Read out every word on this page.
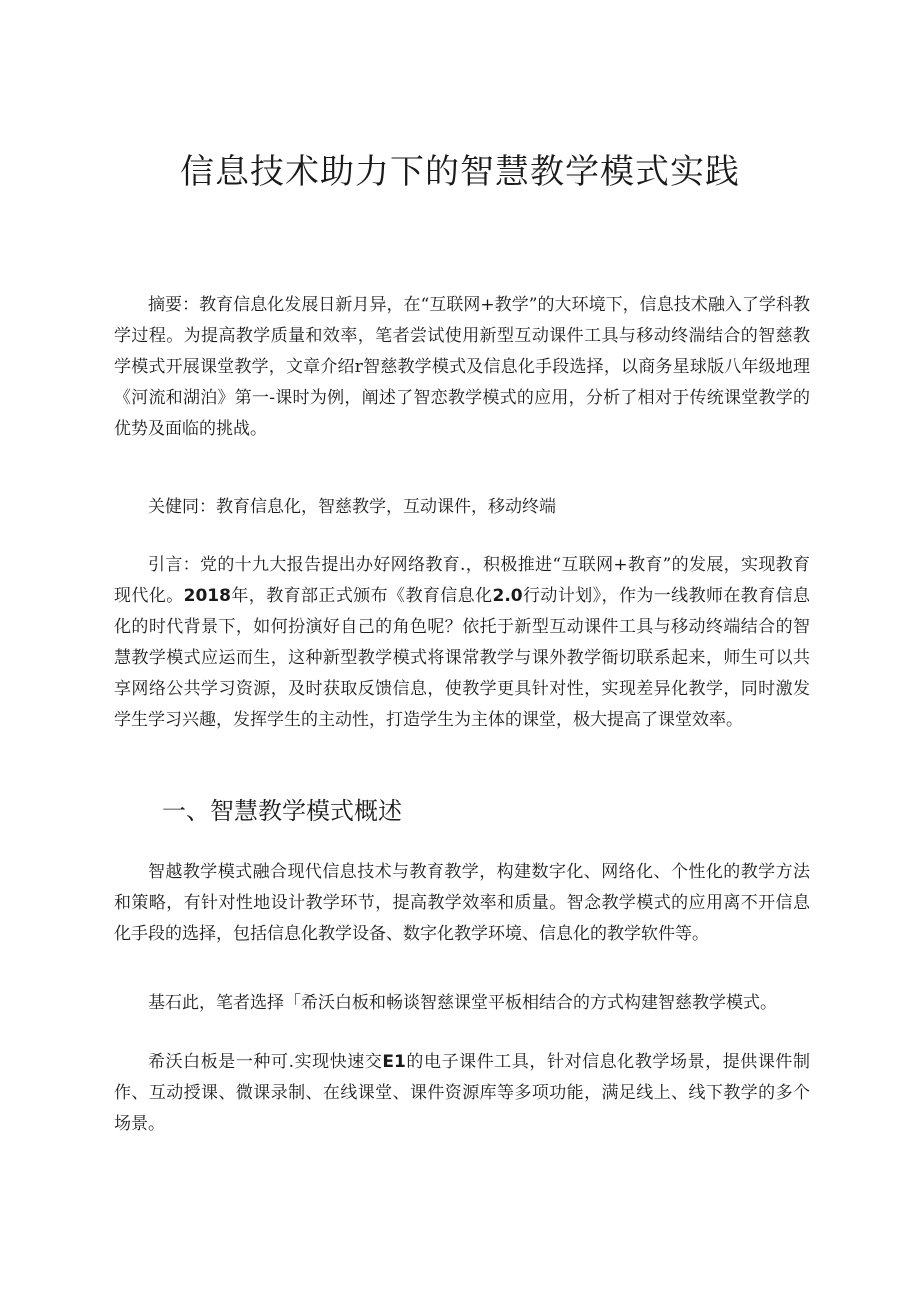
信息技术助力下的智慧教学模式实践

摘要：教育信息化发展日新月异，在“互联网+教学”的大环境下，信息技术融入了学科教学过程。为提高教学质量和效率，笔者尝试使用新型互动课件工具与移动终湍结合的智慈教学模式开展课堂教学，文章介绍r智慈教学模式及信息化手段选择，以商务星球版八年级地理《河流和湖泊》第一-课时为例，阐述了智恋教学模式的应用，分析了相对于传统课堂教学的优势及面临的挑战。

关健同：教育信息化，智慈教学，互动课件，移动终端

引言：党的十九大报告提出办好网络教育.，积极推进“互联网+教育”的发展，实现教育现代化。2018年，教育部正式颁布《教育信息化2.0行动计划》，作为一线教师在教育信息化的时代背景下，如何扮演好自己的角色呢？依托于新型互动课件工具与移动终端结合的智慧教学模式应运而生，这种新型教学模式将课常教学与课外教学衙切联系起来，师生可以共享网络公共学习资源，及时获取反馈信息，使教学更具针对性，实现差异化教学，同时激发学生学习兴趣，发挥学生的主动性，打造学生为主体的课堂，极大提高了课堂效率。

一、智慧教学模式概述

智越教学模式融合现代信息技术与教育教学，构建数字化、网络化、个性化的教学方法和策略，有针对性地设计教学环节，提高教学效率和质量。智念教学模式的应用离不开信息化手段的选择，包括信息化教学设备、数字化教学环境、信息化的教学软件等。

基石此，笔者选择「希沃白板和畅谈智慈课堂平板相结合的方式构建智慈教学模式。

希沃白板是一种可.实现快速交E1的电子课件工具，针对信息化教学场景，提供课件制作、互动授课、微课录制、在线课堂、课件资源库等多项功能，满足线上、线下教学的多个场景。
